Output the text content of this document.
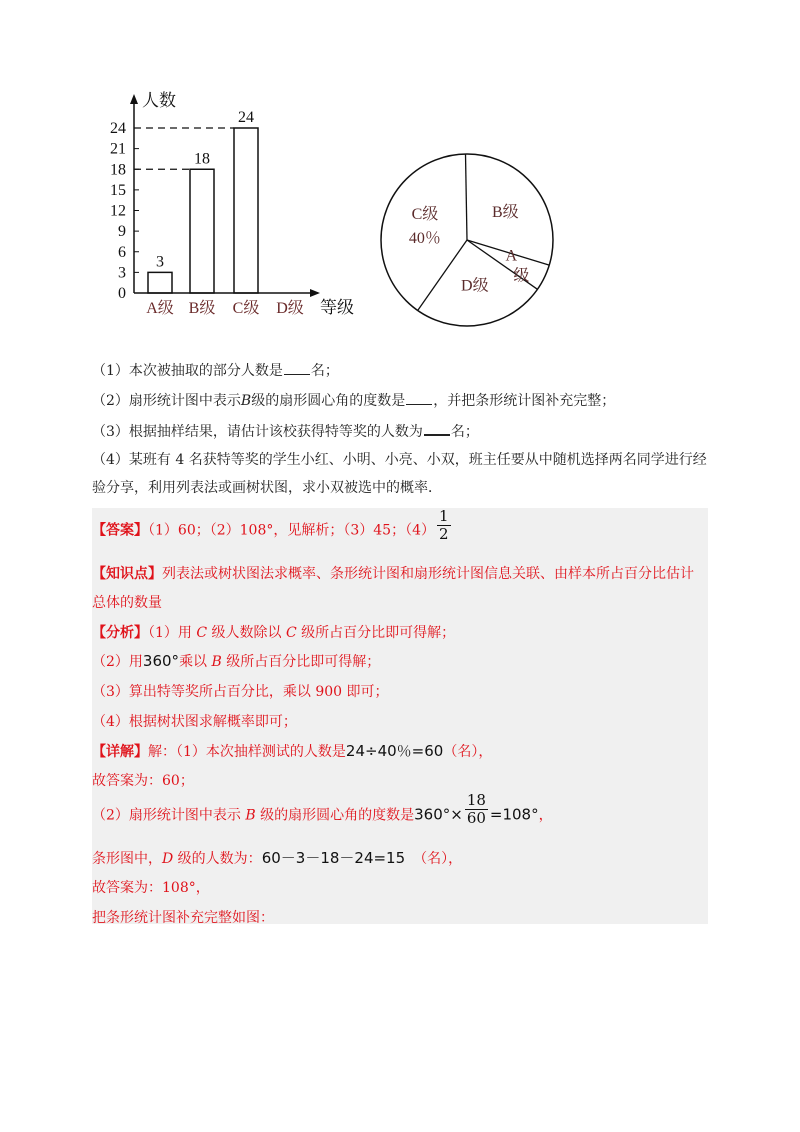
0
3
6
9
12
15
18
21
24
人数
等级
A级
3
B级
18
C级
24
D级
C级
40％
B级
A
级
D级
（1）本次被抽取的部分人数是 名；
（2）扇形统计图中表示B级的扇形圆心角的度数是 ，并把条形统计图补充完整；
（3）根据抽样结果，请估计该校获得特等奖的人数为 名；
（4）某班有 4 名获特等奖的学生小红、小明、小亮、小双，班主任要从中随机选择两名同学进行经
验分享，利用列表法或画树状图，求小双被选中的概率．
【答案】（1）60；（2）108°，见解析；（3）45；$(4) \frac{1}{2}$
【知识点】列表法或树状图法求概率、条形统计图和扇形统计图信息关联、由样本所占百分比估计
总体的数量
【分析】（1）用 C 级人数除以 C 级所占百分比即可得解；
（2）用360°乘以 B 级所占百分比即可得解；
（3）算出特等奖所占百分比，乘以 900 即可；
（4）根据树状图求解概率即可；
【详解】解：（1）本次抽样测试的人数是24÷40％=60（名），
故答案为：60；
（2）扇形统计图中表示 B 级的扇形圆心角的度数是$360^\circ\times \frac{18}{60} =108^\circ$，
条形图中，D 级的人数为：60－3－18－24=15 （名），
故答案为：108°，
把条形统计图补充完整如图：
